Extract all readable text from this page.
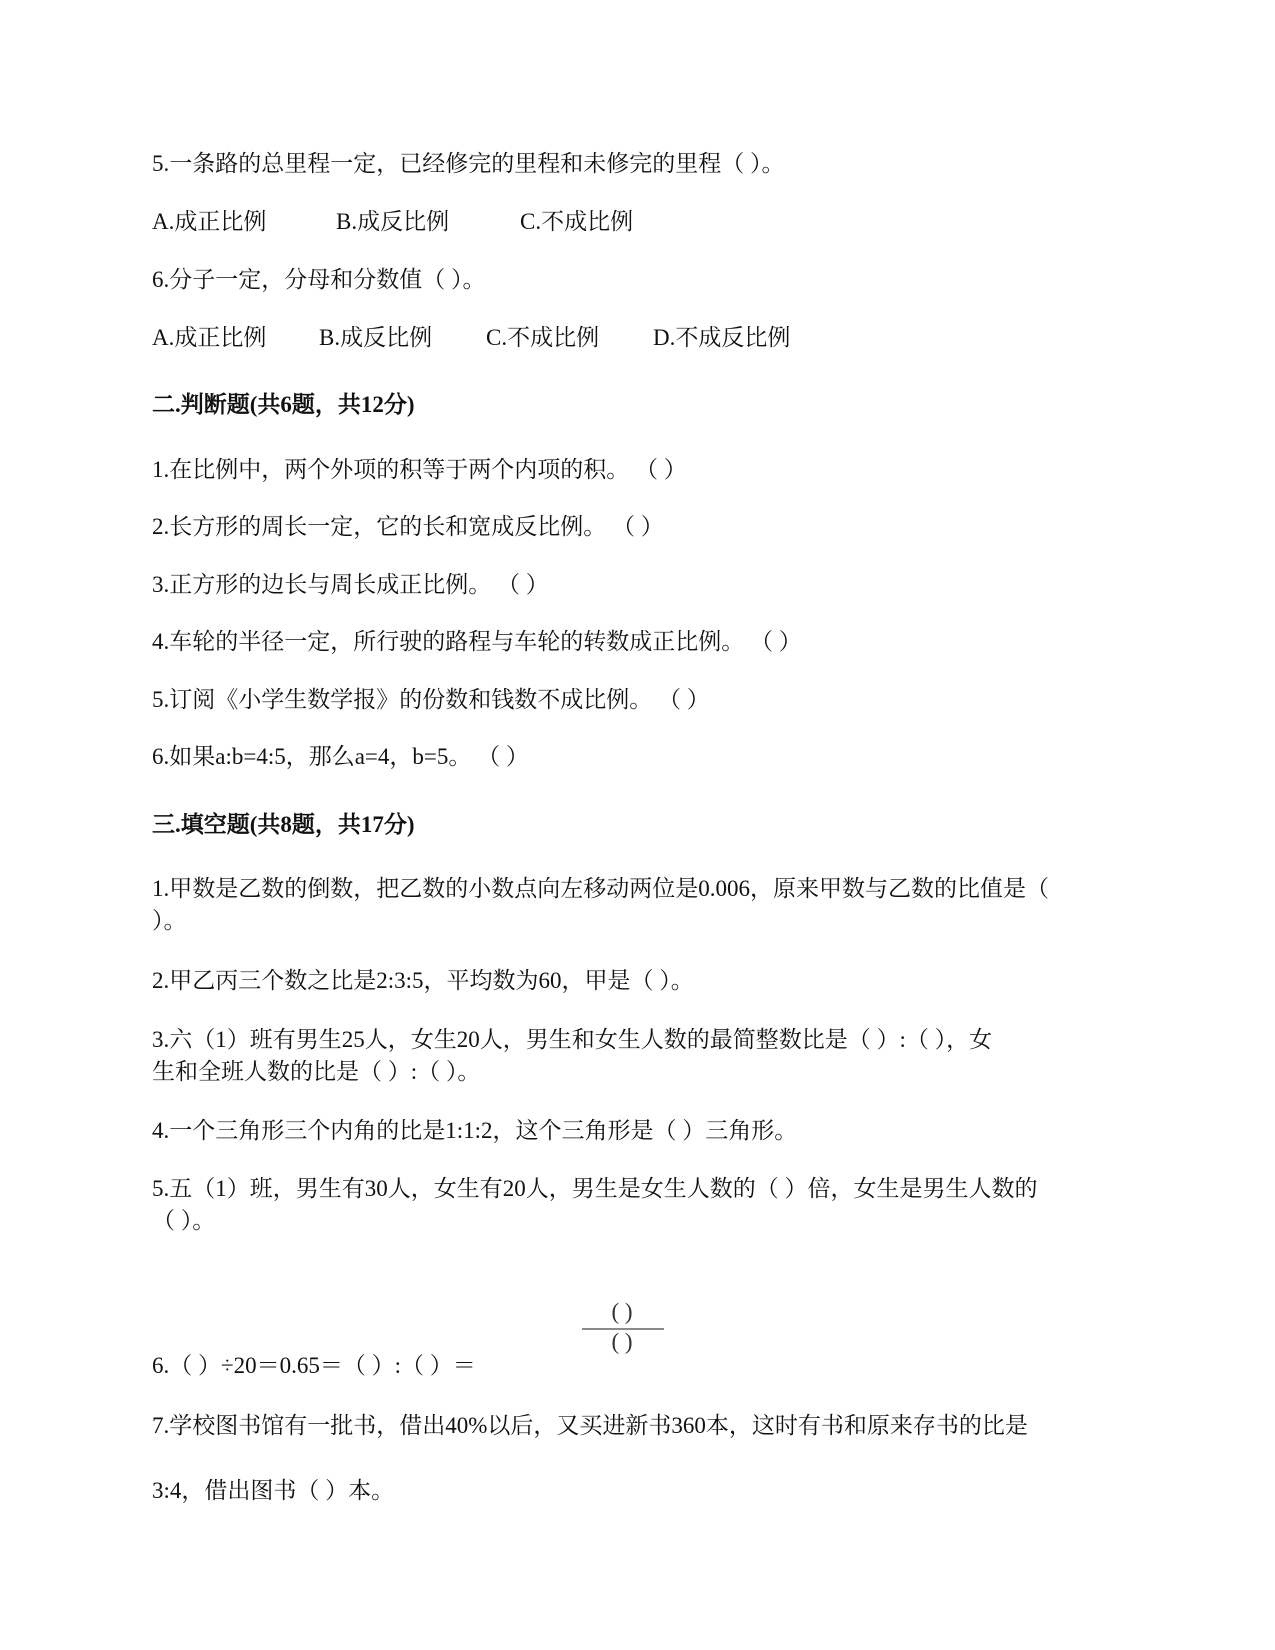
5.一条路的总里程一定，已经修完的里程和未修完的里程（ ）。

A.成正比例	B.成反比例	C.不成比例

6.分子一定，分母和分数值（ ）。

A.成正比例 B.成反比例 C.不成比例 D.不成反比例

二.判断题(共6题，共12分)

1.在比例中，两个外项的积等于两个内项的积。 （ ）

2.长方形的周长一定，它的长和宽成反比例。 （ ）

3.正方形的边长与周长成正比例。 （ ）

4.车轮的半径一定，所行驶的路程与车轮的转数成正比例。 （ ）

5.订阅《小学生数学报》的份数和钱数不成比例。 （ ）

6.如果a:b=4:5，那么a=4，b=5。 （ ）

三.填空题(共8题，共17分)

1.甲数是乙数的倒数，把乙数的小数点向左移动两位是0.006，原来甲数与乙数的比值是（

）。

2.甲乙丙三个数之比是2:3:5，平均数为60，甲是（ ）。

3.六（1）班有男生25人，女生20人，男生和女生人数的最简整数比是（ ）:（ ），女

生和全班人数的比是（ ）:（ ）。

4.一个三角形三个内角的比是1:1:2，这个三角形是（ ）三角形。

5.五（1）班，男生有30人，女生有20人，男生是女生人数的（ ）倍，女生是男生人数的

（ ）。

6.（ ）÷20＝0.65＝（ ）:（ ）＝

( )
( )

7.学校图书馆有一批书，借出40%以后，又买进新书360本，这时有书和原来存书的比是

3:4，借出图书（ ）本。
